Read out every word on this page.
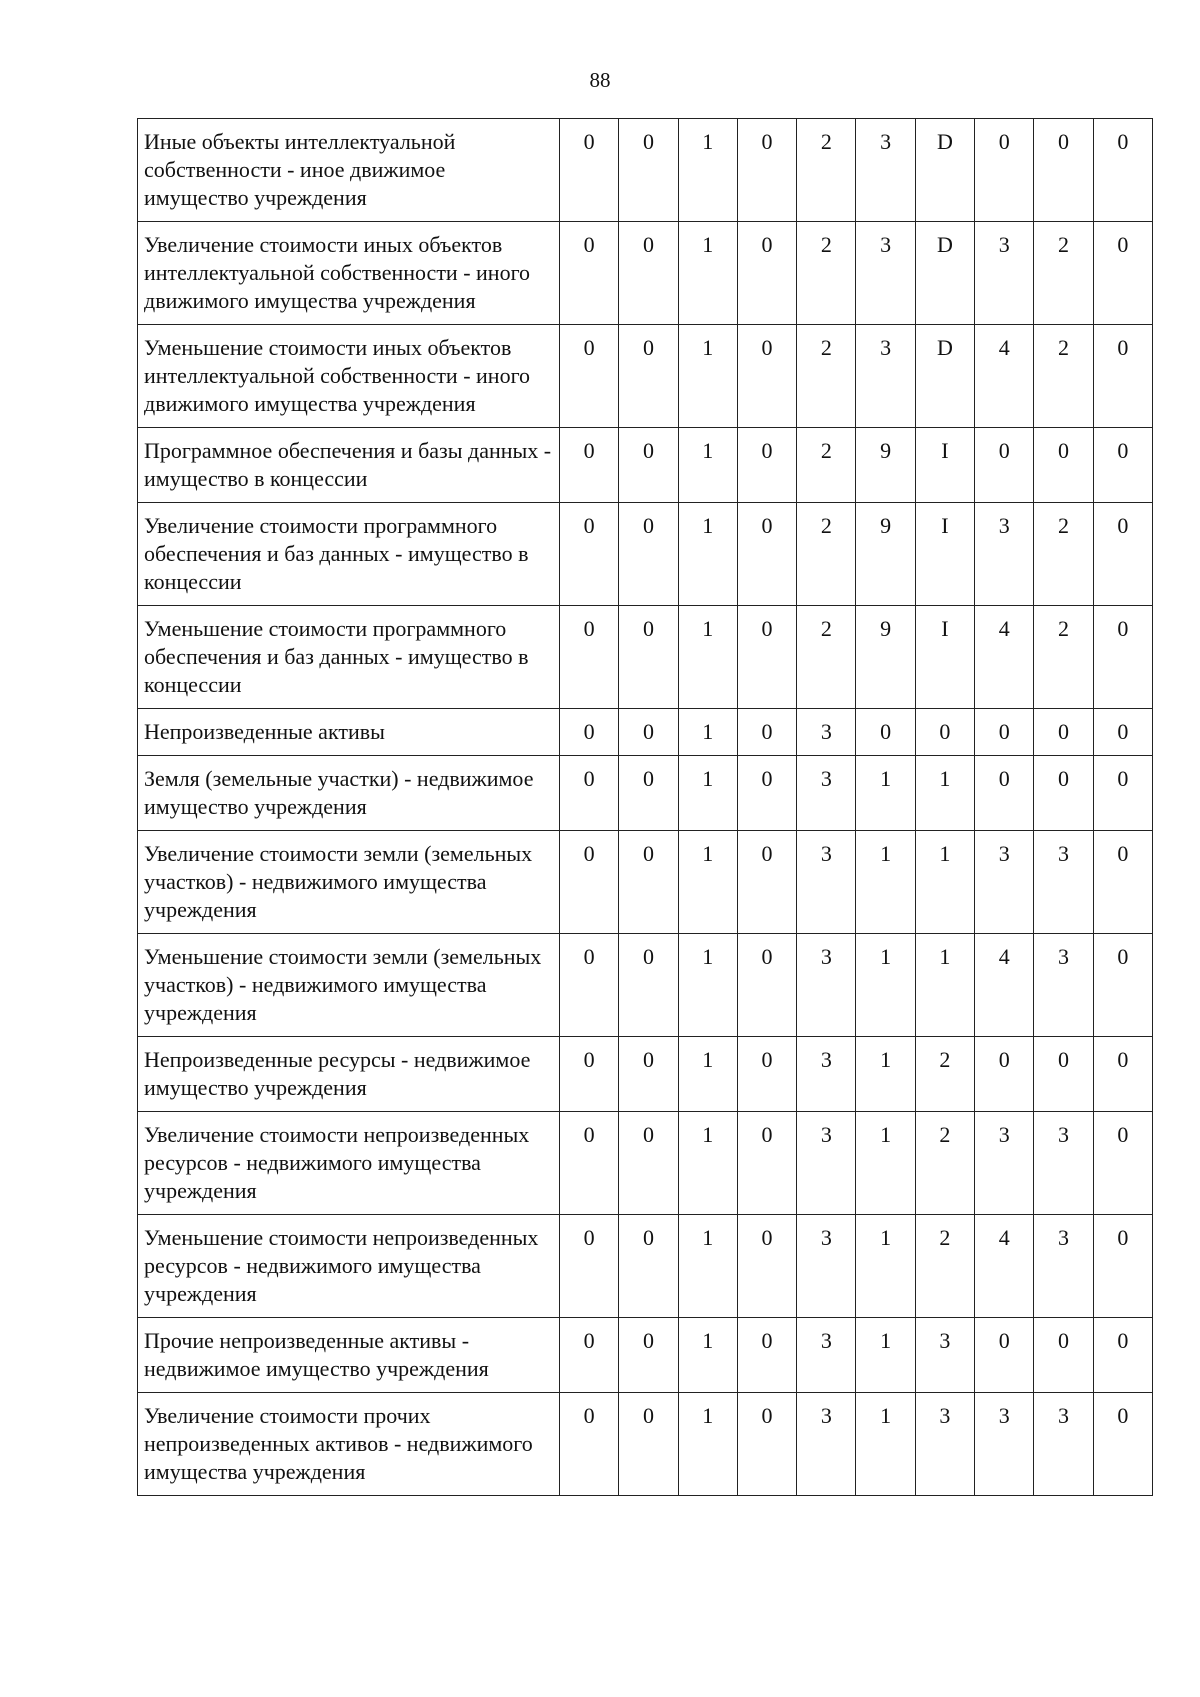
88
Иные объекты интеллектуальной собственности - иное движимое имущество учреждения	0	0	1	0	2	3	D	0	0	0
Увеличение стоимости иных объектов интеллектуальной собственности - иного движимого имущества учреждения	0	0	1	0	2	3	D	3	2	0
Уменьшение стоимости иных объектов интеллектуальной собственности - иного движимого имущества учреждения	0	0	1	0	2	3	D	4	2	0
Программное обеспечения и базы данных - имущество в концессии	0	0	1	0	2	9	I	0	0	0
Увеличение стоимости программного обеспечения и баз данных - имущество в концессии	0	0	1	0	2	9	I	3	2	0
Уменьшение стоимости программного обеспечения и баз данных - имущество в концессии	0	0	1	0	2	9	I	4	2	0
Непроизведенные активы	0	0	1	0	3	0	0	0	0	0
Земля (земельные участки) - недвижимое имущество учреждения	0	0	1	0	3	1	1	0	0	0
Увеличение стоимости земли (земельных участков) - недвижимого имущества учреждения	0	0	1	0	3	1	1	3	3	0
Уменьшение стоимости земли (земельных участков) - недвижимого имущества учреждения	0	0	1	0	3	1	1	4	3	0
Непроизведенные ресурсы - недвижимое имущество учреждения	0	0	1	0	3	1	2	0	0	0
Увеличение стоимости непроизведенных ресурсов - недвижимого имущества учреждения	0	0	1	0	3	1	2	3	3	0
Уменьшение стоимости непроизведенных ресурсов - недвижимого имущества учреждения	0	0	1	0	3	1	2	4	3	0
Прочие непроизведенные активы - недвижимое имущество учреждения	0	0	1	0	3	1	3	0	0	0
Увеличение стоимости прочих непроизведенных активов - недвижимого имущества учреждения	0	0	1	0	3	1	3	3	3	0
